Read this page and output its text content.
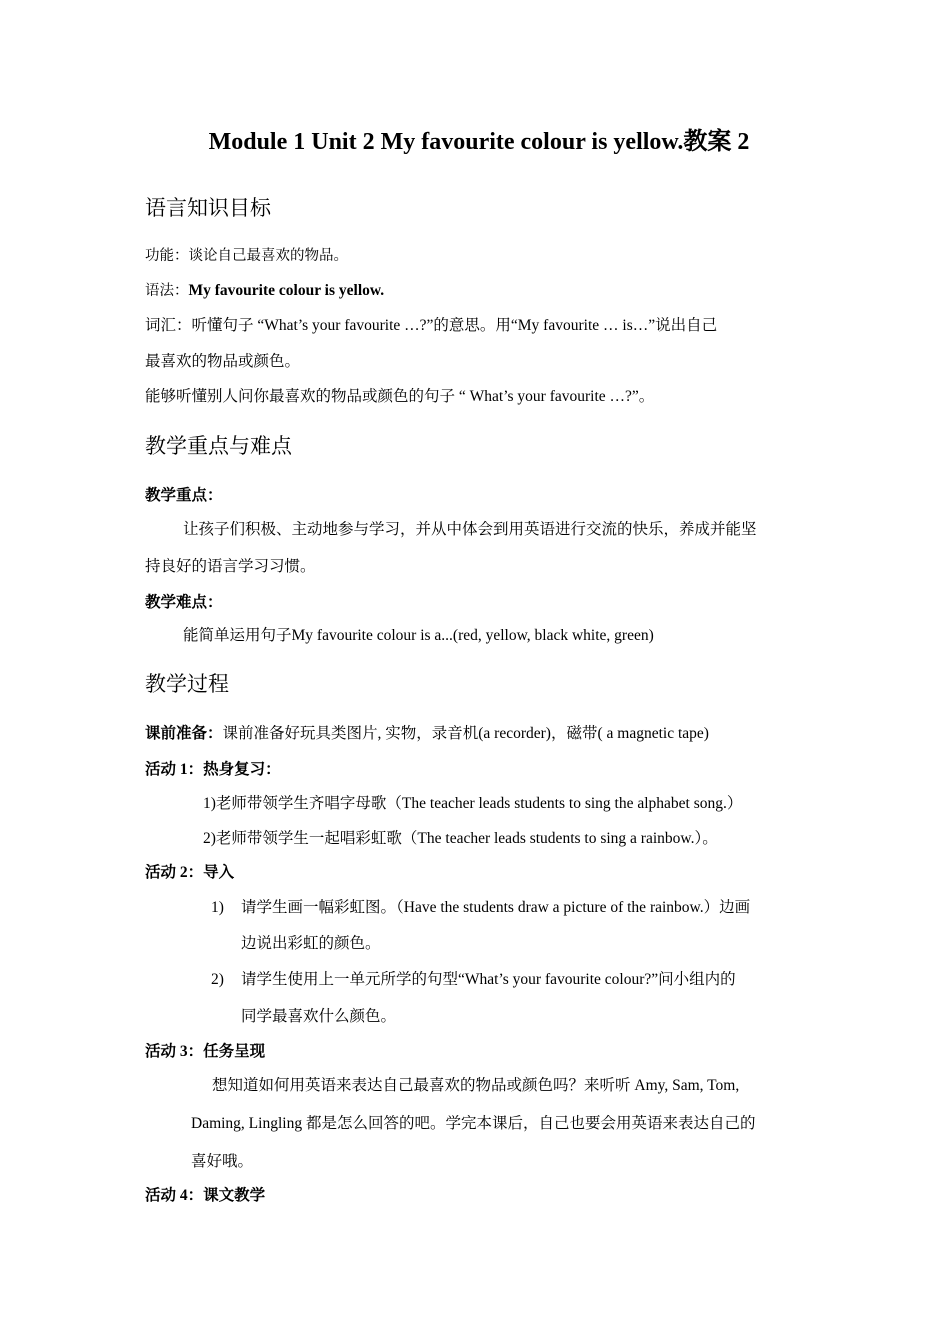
Module 1 Unit 2 My favourite colour is yellow.教案 2
语言知识目标
功能：谈论自己最喜欢的物品。
语法：My favourite colour is yellow.
词汇：听懂句子 “What’s your favourite …?”的意思。用“My favourite … is…”说出自己
最喜欢的物品或颜色。
能够听懂别人问你最喜欢的物品或颜色的句子 “ What’s your favourite …?”。
教学重点与难点
教学重点：
让孩子们积极、主动地参与学习，并从中体会到用英语进行交流的快乐，养成并能坚
持良好的语言学习习惯。
教学难点：
能简单运用句子My favourite colour is a...(red, yellow, black white, green)
教学过程
课前准备：课前准备好玩具类图片, 实物，录音机(a recorder)，磁带( a magnetic tape)
活动 1：热身复习：
1)老师带领学生齐唱字母歌（The teacher leads students to sing the alphabet song.）
2)老师带领学生一起唱彩虹歌（The teacher leads students to sing a rainbow.）。
活动 2：导入
1) 请学生画一幅彩虹图。（Have the students draw a picture of the rainbow.）边画
边说出彩虹的颜色。
2) 请学生使用上一单元所学的句型“What’s your favourite colour?”问小组内的
同学最喜欢什么颜色。
活动 3：任务呈现
想知道如何用英语来表达自己最喜欢的物品或颜色吗？来听听 Amy, Sam, Tom,
Daming, Lingling 都是怎么回答的吧。学完本课后，自己也要会用英语来表达自己的
喜好哦。
活动 4：课文教学
